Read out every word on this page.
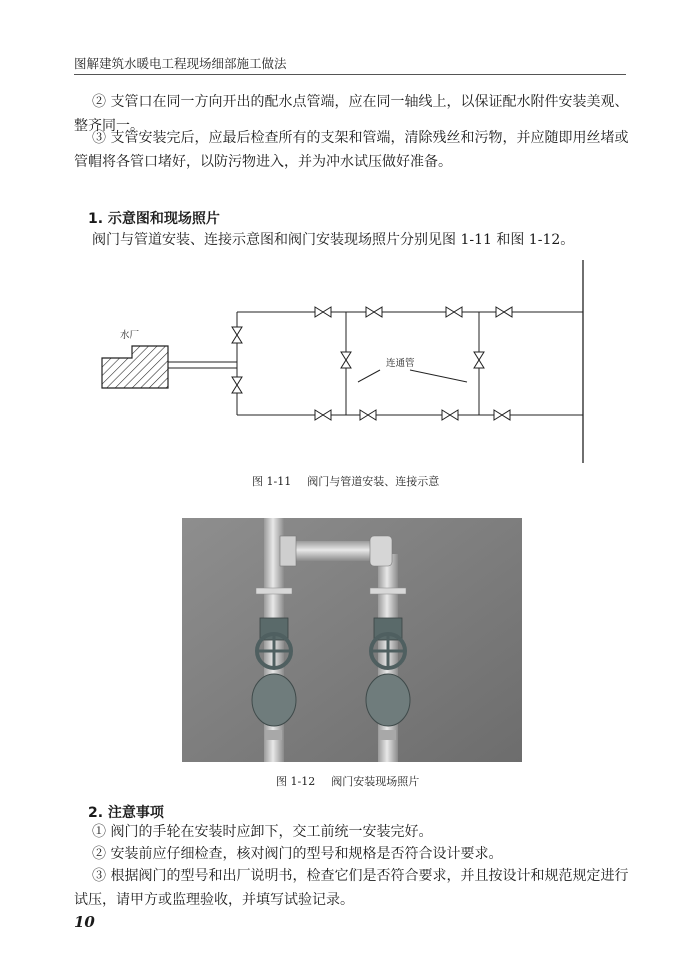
图解建筑水暖电工程现场细部施工做法
② 支管口在同一方向开出的配水点管端，应在同一轴线上，以保证配水附件安装美观、整齐同一。
③ 支管安装完后，应最后检查所有的支架和管端，清除残丝和污物，并应随即用丝堵或管帽将各管口堵好，以防污物进入，并为冲水试压做好准备。
1. 示意图和现场照片
阀门与管道安装、连接示意图和阀门安装现场照片分别见图 1-11 和图 1-12。
水厂
连通管
图 1-11 阀门与管道安装、连接示意
图 1-12 阀门安装现场照片
2. 注意事项
① 阀门的手轮在安装时应卸下，交工前统一安装完好。
② 安装前应仔细检查，核对阀门的型号和规格是否符合设计要求。
③ 根据阀门的型号和出厂说明书，检查它们是否符合要求，并且按设计和规范规定进行试压，请甲方或监理验收，并填写试验记录。
10
